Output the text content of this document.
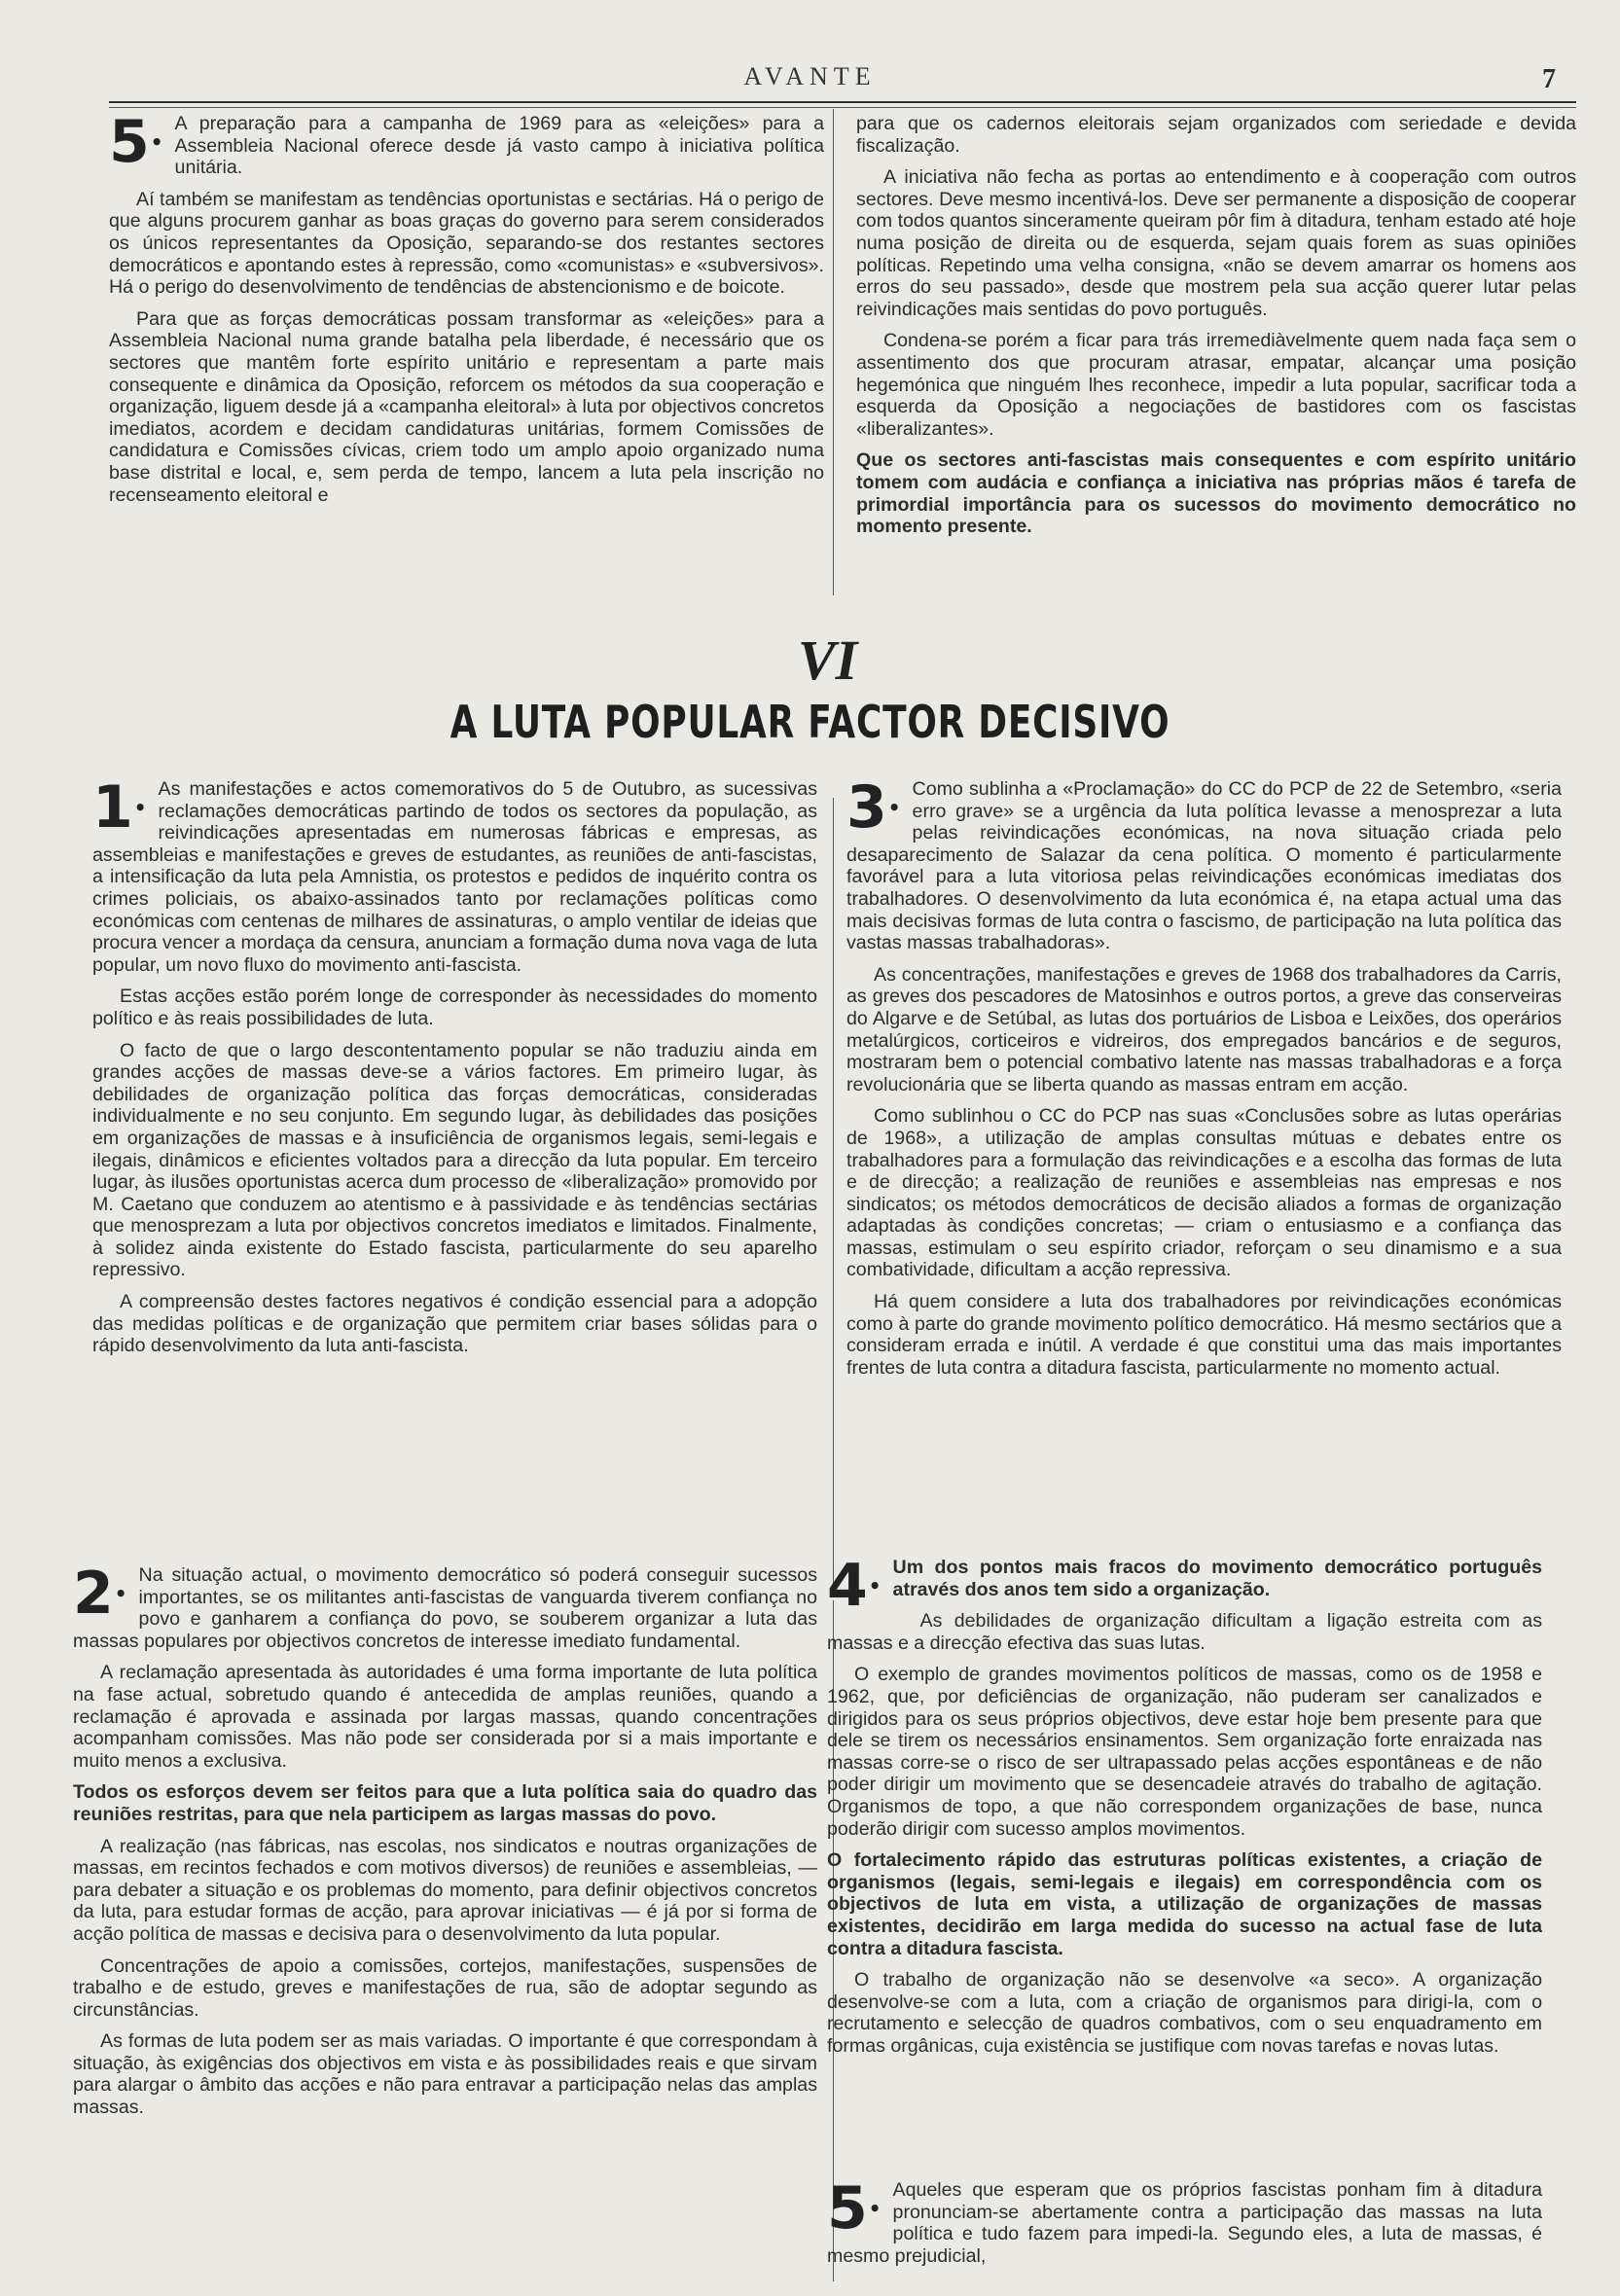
AVANTE	7
5 •	A preparação para a campanha de 1969 para as «eleições» para a Assembleia Nacional oferece desde já vasto campo à iniciativa política unitária.

Aí também se manifestam as tendências oportunistas e sectárias. Há o perigo de que alguns procurem ganhar as boas graças do governo para serem considerados os únicos representantes da Oposição, separando-se dos restantes sectores democráticos e apontando estes à repressão, como «comunistas» e «subversivos». Há o perigo do desenvolvimento de tendências de abstencionismo e de boicote.

Para que as forças democráticas possam transformar as «eleições» para a Assembleia Nacional numa grande batalha pela liberdade, é necessário que os sectores que mantêm forte espírito unitário e representam a parte mais consequente e dinâmica da Oposição, reforcem os métodos da sua cooperação e organização, liguem desde já a «campanha eleitoral» à luta por objectivos concretos imediatos, acordem e decidam candidaturas unitárias, formem Comissões de candidatura e Comissões cívicas, criem todo um amplo apoio organizado numa base distrital e local, e, sem perda de tempo, lancem a luta pela inscrição no recenseamento eleitoral e

para que os cadernos eleitorais sejam organizados com seriedade e devida fiscalização.

A iniciativa não fecha as portas ao entendimento e à cooperação com outros sectores. Deve mesmo incentivá-los. Deve ser permanente a disposição de cooperar com todos quantos sinceramente queiram pôr fim à ditadura, tenham estado até hoje numa posição de direita ou de esquerda, sejam quais forem as suas opiniões políticas. Repetindo uma velha consigna, «não se devem amarrar os homens aos erros do seu passado», desde que mostrem pela sua acção querer lutar pelas reivindicações mais sentidas do povo português.

Condena-se porém a ficar para trás irremediàvelmente quem nada faça sem o assentimento dos que procuram atrasar, empatar, alcançar uma posição hegemónica que ninguém lhes reconhece, impedir a luta popular, sacrificar toda a esquerda da Oposição a negociações de bastidores com os fascistas «liberalizantes».

Que os sectores anti-fascistas mais consequentes e com espírito unitário tomem com audácia e confiança a iniciativa nas próprias mãos é tarefa de primordial importância para os sucessos do movimento democrático no momento presente.

VI
A LUTA POPULAR FACTOR DECISIVO
1 •	As manifestações e actos comemorativos do 5 de Outubro, as sucessivas reclamações democráticas partindo de todos os sectores da população, as reivindicações apresentadas em numerosas fábricas e empresas, as assembleias e manifestações e greves de estudantes, as reuniões de anti-fascistas, a intensificação da luta pela Amnistia, os protestos e pedidos de inquérito contra os crimes policiais, os abaixo-assinados tanto por reclamações políticas como económicas com centenas de milhares de assinaturas, o amplo ventilar de ideias que procura vencer a mordaça da censura, anunciam a formação duma nova vaga de luta popular, um novo fluxo do movimento anti-fascista.

Estas acções estão porém longe de corresponder às necessidades do momento político e às reais possibilidades de luta.

O facto de que o largo descontentamento popular se não traduziu ainda em grandes acções de massas deve-se a vários factores. Em primeiro lugar, às debilidades de organização política das forças democráticas, consideradas individualmente e no seu conjunto. Em segundo lugar, às debilidades das posições em organizações de massas e à insuficiência de organismos legais, semi-legais e ilegais, dinâmicos e eficientes voltados para a direcção da luta popular. Em terceiro lugar, às ilusões oportunistas acerca dum processo de «liberalização» promovido por M. Caetano que conduzem ao atentismo e à passividade e às tendências sectárias que menosprezam a luta por objectivos concretos imediatos e limitados. Finalmente, à solidez ainda existente do Estado fascista, particularmente do seu aparelho repressivo.

A compreensão destes factores negativos é condição essencial para a adopção das medidas políticas e de organização que permitem criar bases sólidas para o rápido desenvolvimento da luta anti-fascista.

3 •	Como sublinha a «Proclamação» do CC do PCP de 22 de Setembro, «seria erro grave» se a urgência da luta política levasse a menosprezar a luta pelas reivindicações económicas, na nova situação criada pelo desaparecimento de Salazar da cena política. O momento é particularmente favorável para a luta vitoriosa pelas reivindicações económicas imediatas dos trabalhadores. O desenvolvimento da luta económica é, na etapa actual uma das mais decisivas formas de luta contra o fascismo, de participação na luta política das vastas massas trabalhadoras».

As concentrações, manifestações e greves de 1968 dos trabalhadores da Carris, as greves dos pescadores de Matosinhos e outros portos, a greve das conserveiras do Algarve e de Setúbal, as lutas dos portuários de Lisboa e Leixões, dos operários metalúrgicos, corticeiros e vidreiros, dos empregados bancários e de seguros, mostraram bem o potencial combativo latente nas massas trabalhadoras e a força revolucionária que se liberta quando as massas entram em acção.

Como sublinhou o CC do PCP nas suas «Conclusões sobre as lutas operárias de 1968», a utilização de amplas consultas mútuas e debates entre os trabalhadores para a formulação das reivindicações e a escolha das formas de luta e de direcção; a realização de reuniões e assembleias nas empresas e nos sindicatos; os métodos democráticos de decisão aliados a formas de organização adaptadas às condições concretas; — criam o entusiasmo e a confiança das massas, estimulam o seu espírito criador, reforçam o seu dinamismo e a sua combatividade, dificultam a acção repressiva.

Há quem considere a luta dos trabalhadores por reivindicações económicas como à parte do grande movimento político democrático. Há mesmo sectários que a consideram errada e inútil. A verdade é que constitui uma das mais importantes frentes de luta contra a ditadura fascista, particularmente no momento actual.

2 •	Na situação actual, o movimento democrático só poderá conseguir sucessos importantes, se os militantes anti-fascistas de vanguarda tiverem confiança no povo e ganharem a confiança do povo, se souberem organizar a luta das massas populares por objectivos concretos de interesse imediato fundamental.

A reclamação apresentada às autoridades é uma forma importante de luta política na fase actual, sobretudo quando é antecedida de amplas reuniões, quando a reclamação é aprovada e assinada por largas massas, quando concentrações acompanham comissões. Mas não pode ser considerada por si a mais importante e muito menos a exclusiva.

Todos os esforços devem ser feitos para que a luta política saia do quadro das reuniões restritas, para que nela participem as largas massas do povo.

A realização (nas fábricas, nas escolas, nos sindicatos e noutras organizações de massas, em recintos fechados e com motivos diversos) de reuniões e assembleias, — para debater a situação e os problemas do momento, para definir objectivos concretos da luta, para estudar formas de acção, para aprovar iniciativas — é já por si forma de acção política de massas e decisiva para o desenvolvimento da luta popular.

Concentrações de apoio a comissões, cortejos, manifestações, suspensões de trabalho e de estudo, greves e manifestações de rua, são de adoptar segundo as circunstâncias.

As formas de luta podem ser as mais variadas. O importante é que correspondam à situação, às exigências dos objectivos em vista e às possibilidades reais e que sirvam para alargar o âmbito das acções e não para entravar a participação nelas das amplas massas.

4 •	Um dos pontos mais fracos do movimento democrático português através dos anos tem sido a organização.

As debilidades de organização dificultam a ligação estreita com as massas e a direcção efectiva das suas lutas.

O exemplo de grandes movimentos políticos de massas, como os de 1958 e 1962, que, por deficiências de organização, não puderam ser canalizados e dirigidos para os seus próprios objectivos, deve estar hoje bem presente para que dele se tirem os necessários ensinamentos. Sem organização forte enraizada nas massas corre-se o risco de ser ultrapassado pelas acções espontâneas e de não poder dirigir um movimento que se desencadeie através do trabalho de agitação. Organismos de topo, a que não correspondem organizações de base, nunca poderão dirigir com sucesso amplos movimentos.

O fortalecimento rápido das estruturas políticas existentes, a criação de organismos (legais, semi-legais e ilegais) em correspondência com os objectivos de luta em vista, a utilização de organizações de massas existentes, decidirão em larga medida do sucesso na actual fase de luta contra a ditadura fascista.

O trabalho de organização não se desenvolve «a seco». A organização desenvolve-se com a luta, com a criação de organismos para dirigi-la, com o recrutamento e selecção de quadros combativos, com o seu enquadramento em formas orgânicas, cuja existência se justifique com novas tarefas e novas lutas.

5 •	Aqueles que esperam que os próprios fascistas ponham fim à ditadura pronunciam-se abertamente contra a participação das massas na luta política e tudo fazem para impedi-la. Segundo eles, a luta de massas, é mesmo prejudicial,
